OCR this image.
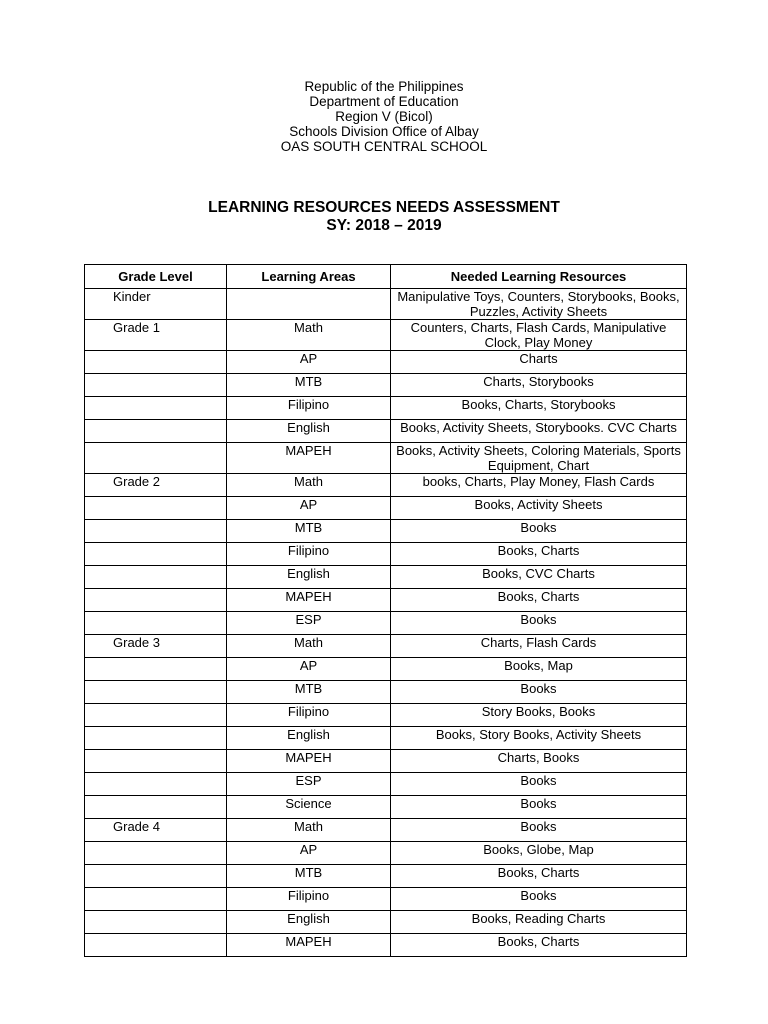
Republic of the Philippines
Department of Education
Region V (Bicol)
Schools Division Office of Albay
OAS SOUTH CENTRAL SCHOOL
LEARNING RESOURCES NEEDS ASSESSMENT
SY: 2018 – 2019
Grade Level	Learning Areas	Needed Learning Resources
Kinder		Manipulative Toys, Counters, Storybooks, Books, Puzzles, Activity Sheets
Grade 1	Math	Counters, Charts, Flash Cards, Manipulative Clock, Play Money
	AP	Charts
	MTB	Charts, Storybooks
	Filipino	Books, Charts, Storybooks
	English	Books, Activity Sheets, Storybooks. CVC Charts
	MAPEH	Books, Activity Sheets, Coloring Materials, Sports Equipment, Chart
Grade 2	Math	books, Charts, Play Money, Flash Cards
	AP	Books, Activity Sheets
	MTB	Books
	Filipino	Books, Charts
	English	Books, CVC Charts
	MAPEH	Books, Charts
	ESP	Books
Grade 3	Math	Charts, Flash Cards
	AP	Books, Map
	MTB	Books
	Filipino	Story Books, Books
	English	Books, Story Books, Activity Sheets
	MAPEH	Charts, Books
	ESP	Books
	Science	Books
Grade 4	Math	Books
	AP	Books, Globe, Map
	MTB	Books, Charts
	Filipino	Books
	English	Books, Reading Charts
	MAPEH	Books, Charts
